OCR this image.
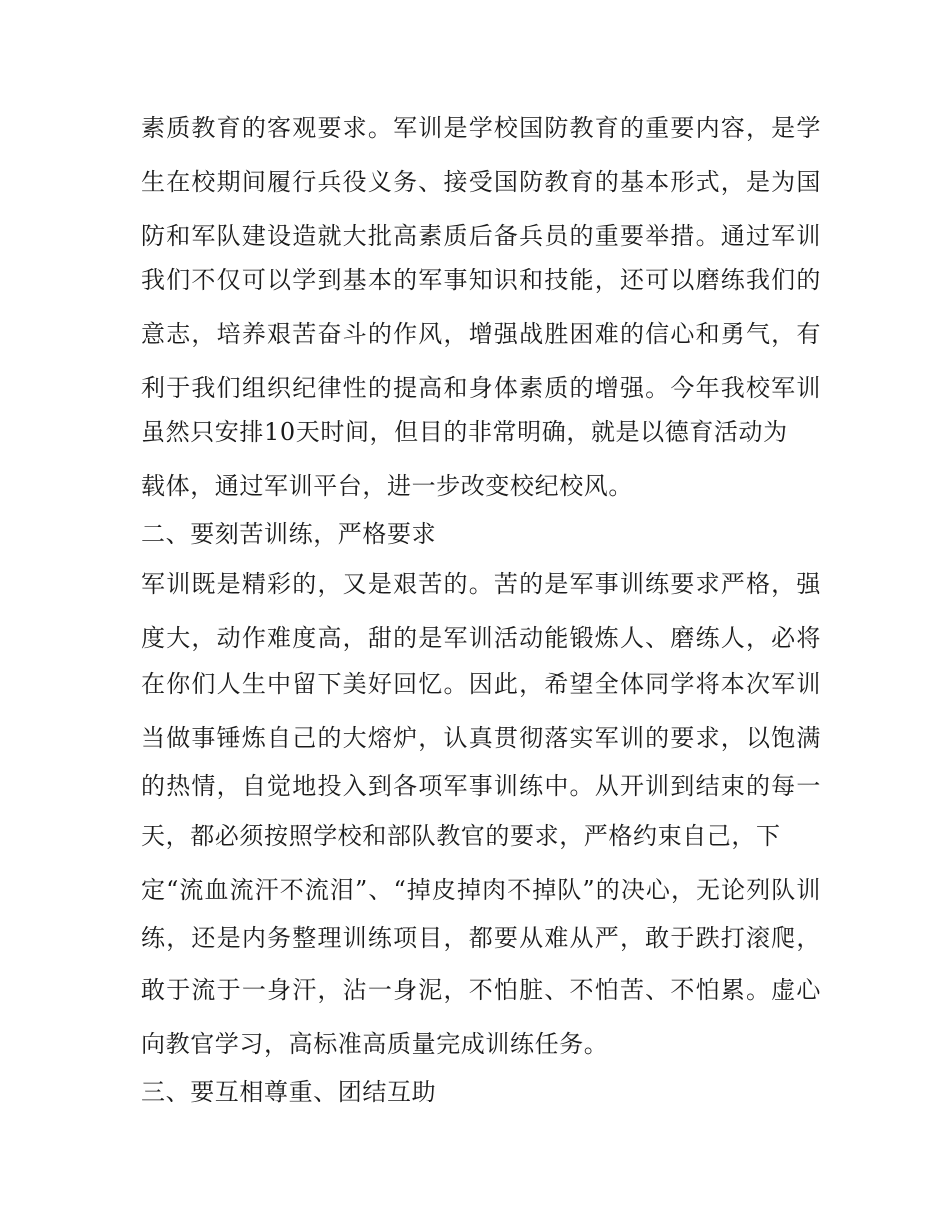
素质教育的客观要求。军训是学校国防教育的重要内容，是学
生在校期间履行兵役义务、接受国防教育的基本形式，是为国
防和军队建设造就大批高素质后备兵员的重要举措。通过军训
我们不仅可以学到基本的军事知识和技能，还可以磨练我们的
意志，培养艰苦奋斗的作风，增强战胜困难的信心和勇气，有
利于我们组织纪律性的提高和身体素质的增强。今年我校军训
虽然只安排10天时间，但目的非常明确，就是以德育活动为
载体，通过军训平台，进一步改变校纪校风。
二、要刻苦训练，严格要求
军训既是精彩的，又是艰苦的。苦的是军事训练要求严格，强
度大，动作难度高，甜的是军训活动能锻炼人、磨练人，必将
在你们人生中留下美好回忆。因此，希望全体同学将本次军训
当做事锤炼自己的大熔炉，认真贯彻落实军训的要求，以饱满
的热情，自觉地投入到各项军事训练中。从开训到结束的每一
天，都必须按照学校和部队教官的要求，严格约束自己，下
定“流血流汗不流泪”、“掉皮掉肉不掉队”的决心，无论列队训
练，还是内务整理训练项目，都要从难从严，敢于跌打滚爬，
敢于流于一身汗，沾一身泥，不怕脏、不怕苦、不怕累。虚心
向教官学习，高标准高质量完成训练任务。
三、要互相尊重、团结互助
